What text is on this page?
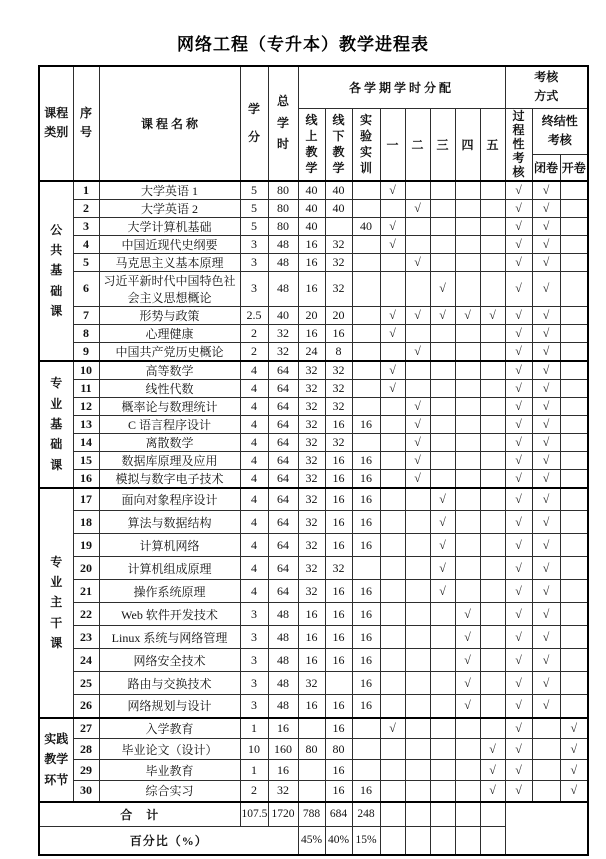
网络工程（专升本）教学进程表
课程类别	序号	课 程 名 称	学分	总学时	各学期学时分配								考核方式		
					线上教学	线下教学	实验实训	一	二	三	四	五	过程性考核	终结性考核	
														闭卷	开卷
公共基础课	1	大学英语 1	5	80	40	40		√					√	√	
	2	大学英语 2	5	80	40	40			√				√	√	
	3	大学计算机基础	5	80	40		40	√					√	√	
	4	中国近现代史纲要	3	48	16	32		√					√	√	
	5	马克思主义基本原理	3	48	16	32			√				√	√	
	6	习近平新时代中国特色社会主义思想概论	3	48	16	32				√			√	√	
	7	形势与政策	2.5	40	20	20		√	√	√	√	√	√	√	
	8	心理健康	2	32	16	16		√					√	√	
	9	中国共产党历史概论	2	32	24	8			√				√	√	
专业基础课	10	高等数学	4	64	32	32		√					√	√	
	11	线性代数	4	64	32	32		√					√	√	
	12	概率论与数理统计	4	64	32	32			√				√	√	
	13	C 语言程序设计	4	64	32	16	16		√				√	√	
	14	离散数学	4	64	32	32			√				√	√	
	15	数据库原理及应用	4	64	32	16	16		√				√	√	
	16	模拟与数字电子技术	4	64	32	16	16		√				√	√	
专业主干课	17	面向对象程序设计	4	64	32	16	16			√			√	√	
	18	算法与数据结构	4	64	32	16	16			√			√	√	
	19	计算机网络	4	64	32	16	16			√			√	√	
	20	计算机组成原理	4	64	32	32				√			√	√	
	21	操作系统原理	4	64	32	16	16			√			√	√	
	22	Web 软件开发技术	3	48	16	16	16				√		√	√	
	23	Linux 系统与网络管理	3	48	16	16	16				√		√	√	
	24	网络安全技术	3	48	16	16	16				√		√	√	
	25	路由与交换技术	3	48	32		16				√		√	√	
	26	网络规划与设计	3	48	16	16	16				√		√	√	
实践教学环节	27	入学教育	1	16		16		√					√		√
	28	毕业论文（设计）	10	160	80	80						√	√		√
	29	毕业教育	1	16		16						√	√		√
	30	综合实习	2	32		16	16					√	√		√
合　计			107.5	1720	788	684	248								
百分比（%）					45%	40%	15%								
